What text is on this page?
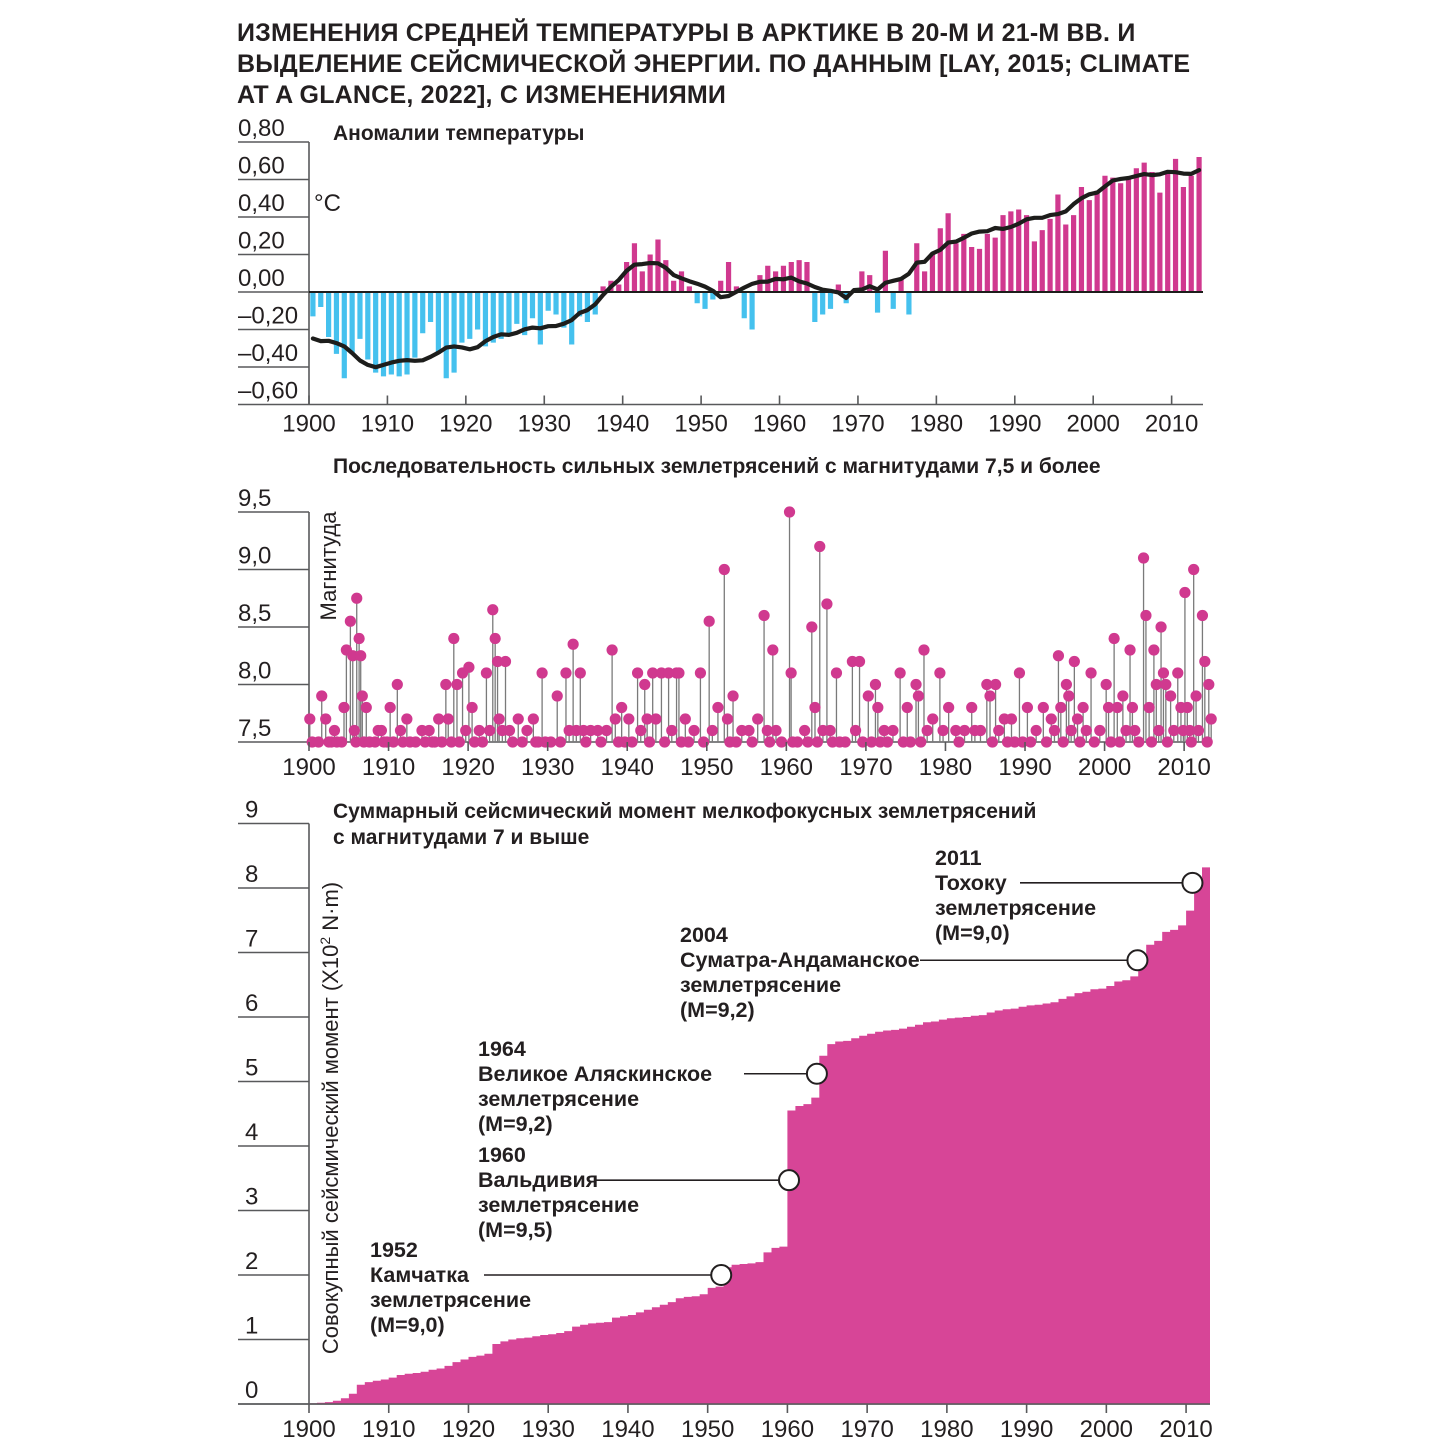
ИЗМЕНЕНИЯ СРЕДНЕЙ ТЕМПЕРАТУРЫ В АРКТИКЕ В 20-М И 21-М ВВ. И ВЫДЕЛЕНИЕ СЕЙСМИЧЕСКОЙ ЭНЕРГИИ. ПО ДАННЫМ [LAY, 2015; CLIMATE AT A GLANCE, 2022], С ИЗМЕНЕНИЯМИ
Аномалии температуры
°C
Последовательность сильных землетрясений с магнитудами 7,5 и более
Суммарный сейсмический момент мелкофокусных землетрясений
с магнитудами 7 и выше
0,80
0,60
0,40
0,20
0,00
–0,20
–0,40
–0,60
1900 1910 1920 1930 1940 1950 1960 1970 1980 1990 2000 2010
9,5
9,0
8,5
8,0
7,5
Магнитуда
1900 1910 1920 1930 1940 1950 1960 1970 1980 1990 2000 2010
9
8
7
6
5
4
3
2
1
0
Совокупный сейсмический момент ($X10^2$ N·m)
1900 1910 1920 1930 1940 1950 1960 1970 1980 1990 2000 2010
1952
Камчатка
землетрясение
(М=9,0)
1960
Вальдивия
землетрясение
(М=9,5)
1964
Великое Аляскинское
землетрясение
(М=9,2)
2004
Суматра-Андаманское
землетрясение
(М=9,2)
2011
Тохоку
землетрясение
(М=9,0)
